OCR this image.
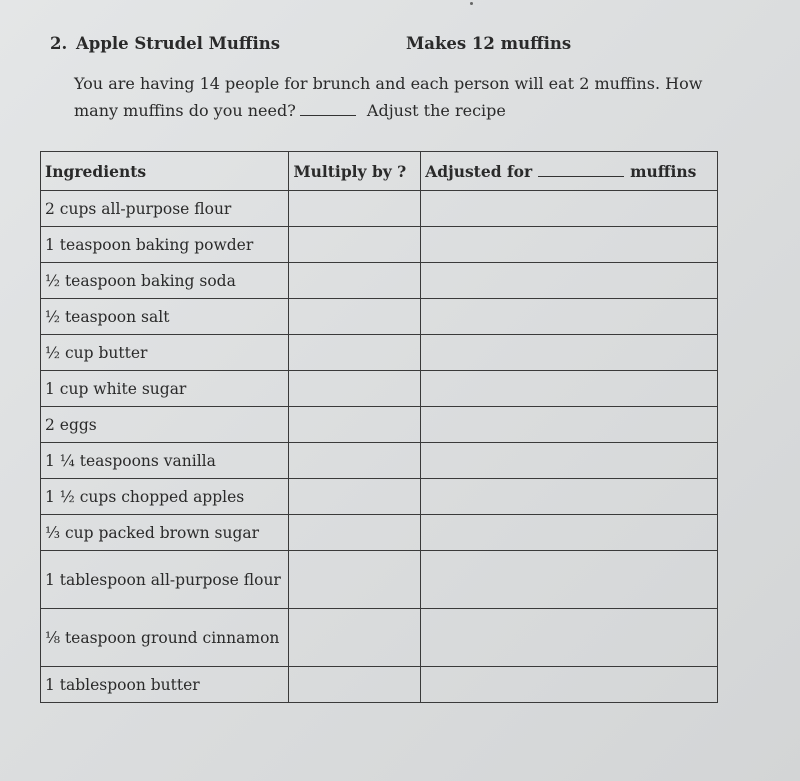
2. Apple Strudel Muffins	Makes 12 muffins
You are having 14 people for brunch and each person will eat 2 muffins. How
many muffins do you need?	Adjust the recipe
Ingredients	Multiply by ?	Adjusted for muffins
2 cups all-purpose flour		
1 teaspoon baking powder		
½ teaspoon baking soda		
½ teaspoon salt		
½ cup butter		
1 cup white sugar		
2 eggs		
1 ¼ teaspoons vanilla		
1 ½ cups chopped apples		
⅓ cup packed brown sugar		
1 tablespoon all-purpose flour		
⅛ teaspoon ground cinnamon		
1 tablespoon butter		
